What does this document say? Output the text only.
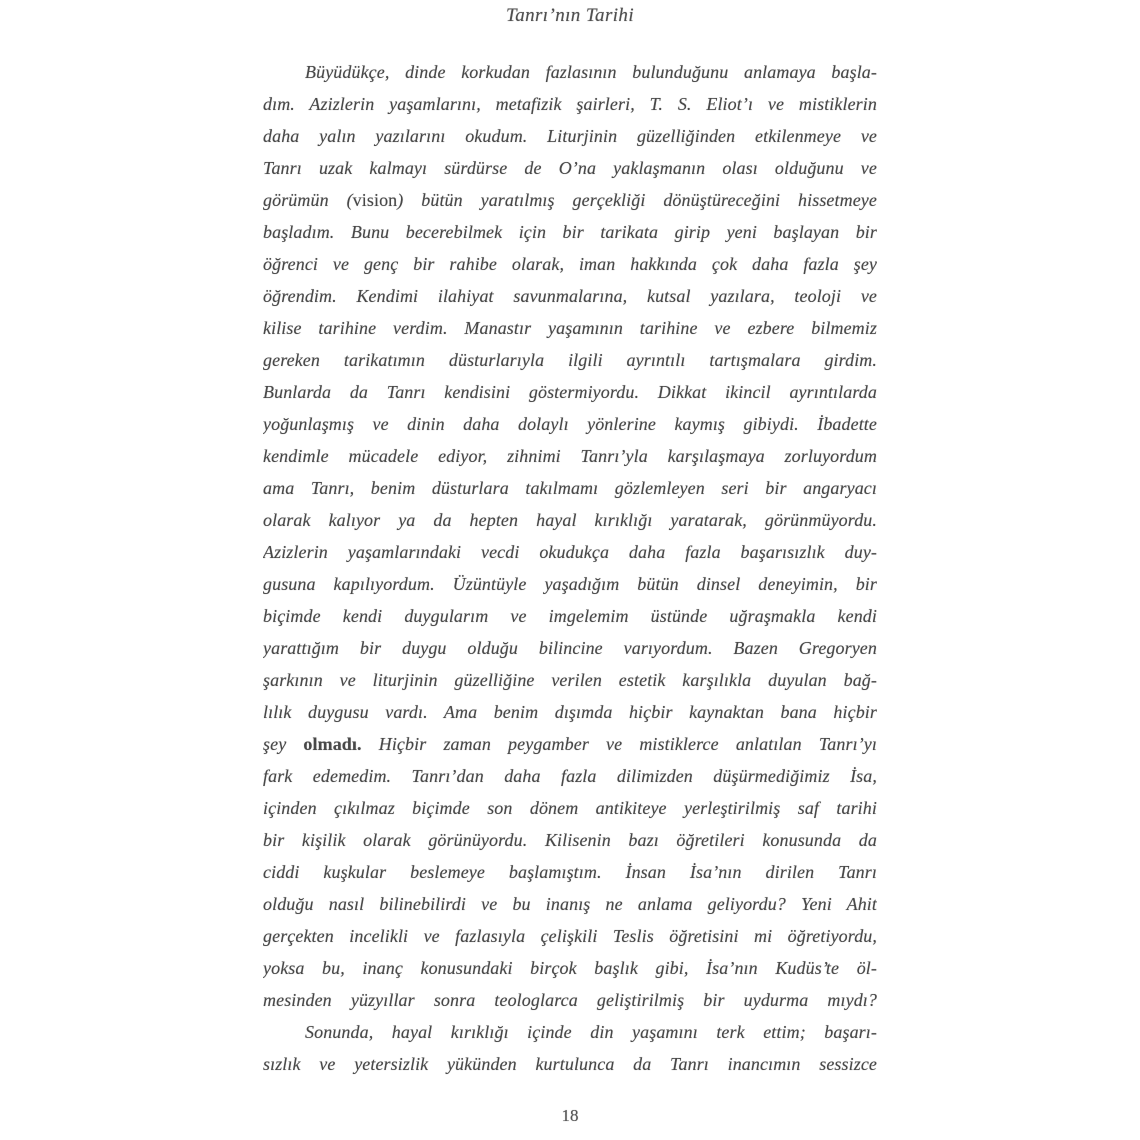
Tanrı’nın Tarihi
Büyüdükçe, dinde korkudan fazlasının bulunduğunu anlamaya başla-
dım. Azizlerin yaşamlarını, metafizik şairleri, T. S. Eliot’ı ve mistiklerin
daha yalın yazılarını okudum. Liturjinin güzelliğinden etkilenmeye ve
Tanrı uzak kalmayı sürdürse de O’na yaklaşmanın olası olduğunu ve
görümün (vision) bütün yaratılmış gerçekliği dönüştüreceğini hissetmeye
başladım. Bunu becerebilmek için bir tarikata girip yeni başlayan bir
öğrenci ve genç bir rahibe olarak, iman hakkında çok daha fazla şey
öğrendim. Kendimi ilahiyat savunmalarına, kutsal yazılara, teoloji ve
kilise tarihine verdim. Manastır yaşamının tarihine ve ezbere bilmemiz
gereken tarikatımın düsturlarıyla ilgili ayrıntılı tartışmalara girdim.
Bunlarda da Tanrı kendisini göstermiyordu. Dikkat ikincil ayrıntılarda
yoğunlaşmış ve dinin daha dolaylı yönlerine kaymış gibiydi. İbadette
kendimle mücadele ediyor, zihnimi Tanrı’yla karşılaşmaya zorluyordum
ama Tanrı, benim düsturlara takılmamı gözlemleyen seri bir angaryacı
olarak kalıyor ya da hepten hayal kırıklığı yaratarak, görünmüyordu.
Azizlerin yaşamlarındaki vecdi okudukça daha fazla başarısızlık duy-
gusuna kapılıyordum. Üzüntüyle yaşadığım bütün dinsel deneyimin, bir
biçimde kendi duygularım ve imgelemim üstünde uğraşmakla kendi
yarattığım bir duygu olduğu bilincine varıyordum. Bazen Gregoryen
şarkının ve liturjinin güzelliğine verilen estetik karşılıkla duyulan bağ-
lılık duygusu vardı. Ama benim dışımda hiçbir kaynaktan bana hiçbir
şey olmadı. Hiçbir zaman peygamber ve mistiklerce anlatılan Tanrı’yı
fark edemedim. Tanrı’dan daha fazla dilimizden düşürmediğimiz İsa,
içinden çıkılmaz biçimde son dönem antikiteye yerleştirilmiş saf tarihi
bir kişilik olarak görünüyordu. Kilisenin bazı öğretileri konusunda da
ciddi kuşkular beslemeye başlamıştım. İnsan İsa’nın dirilen Tanrı
olduğu nasıl bilinebilirdi ve bu inanış ne anlama geliyordu? Yeni Ahit
gerçekten incelikli ve fazlasıyla çelişkili Teslis öğretisini mi öğretiyordu,
yoksa bu, inanç konusundaki birçok başlık gibi, İsa’nın Kudüs’te öl-
mesinden yüzyıllar sonra teologlarca geliştirilmiş bir uydurma mıydı?
Sonunda, hayal kırıklığı içinde din yaşamını terk ettim; başarı-
sızlık ve yetersizlik yükünden kurtulunca da Tanrı inancımın sessizce
18
